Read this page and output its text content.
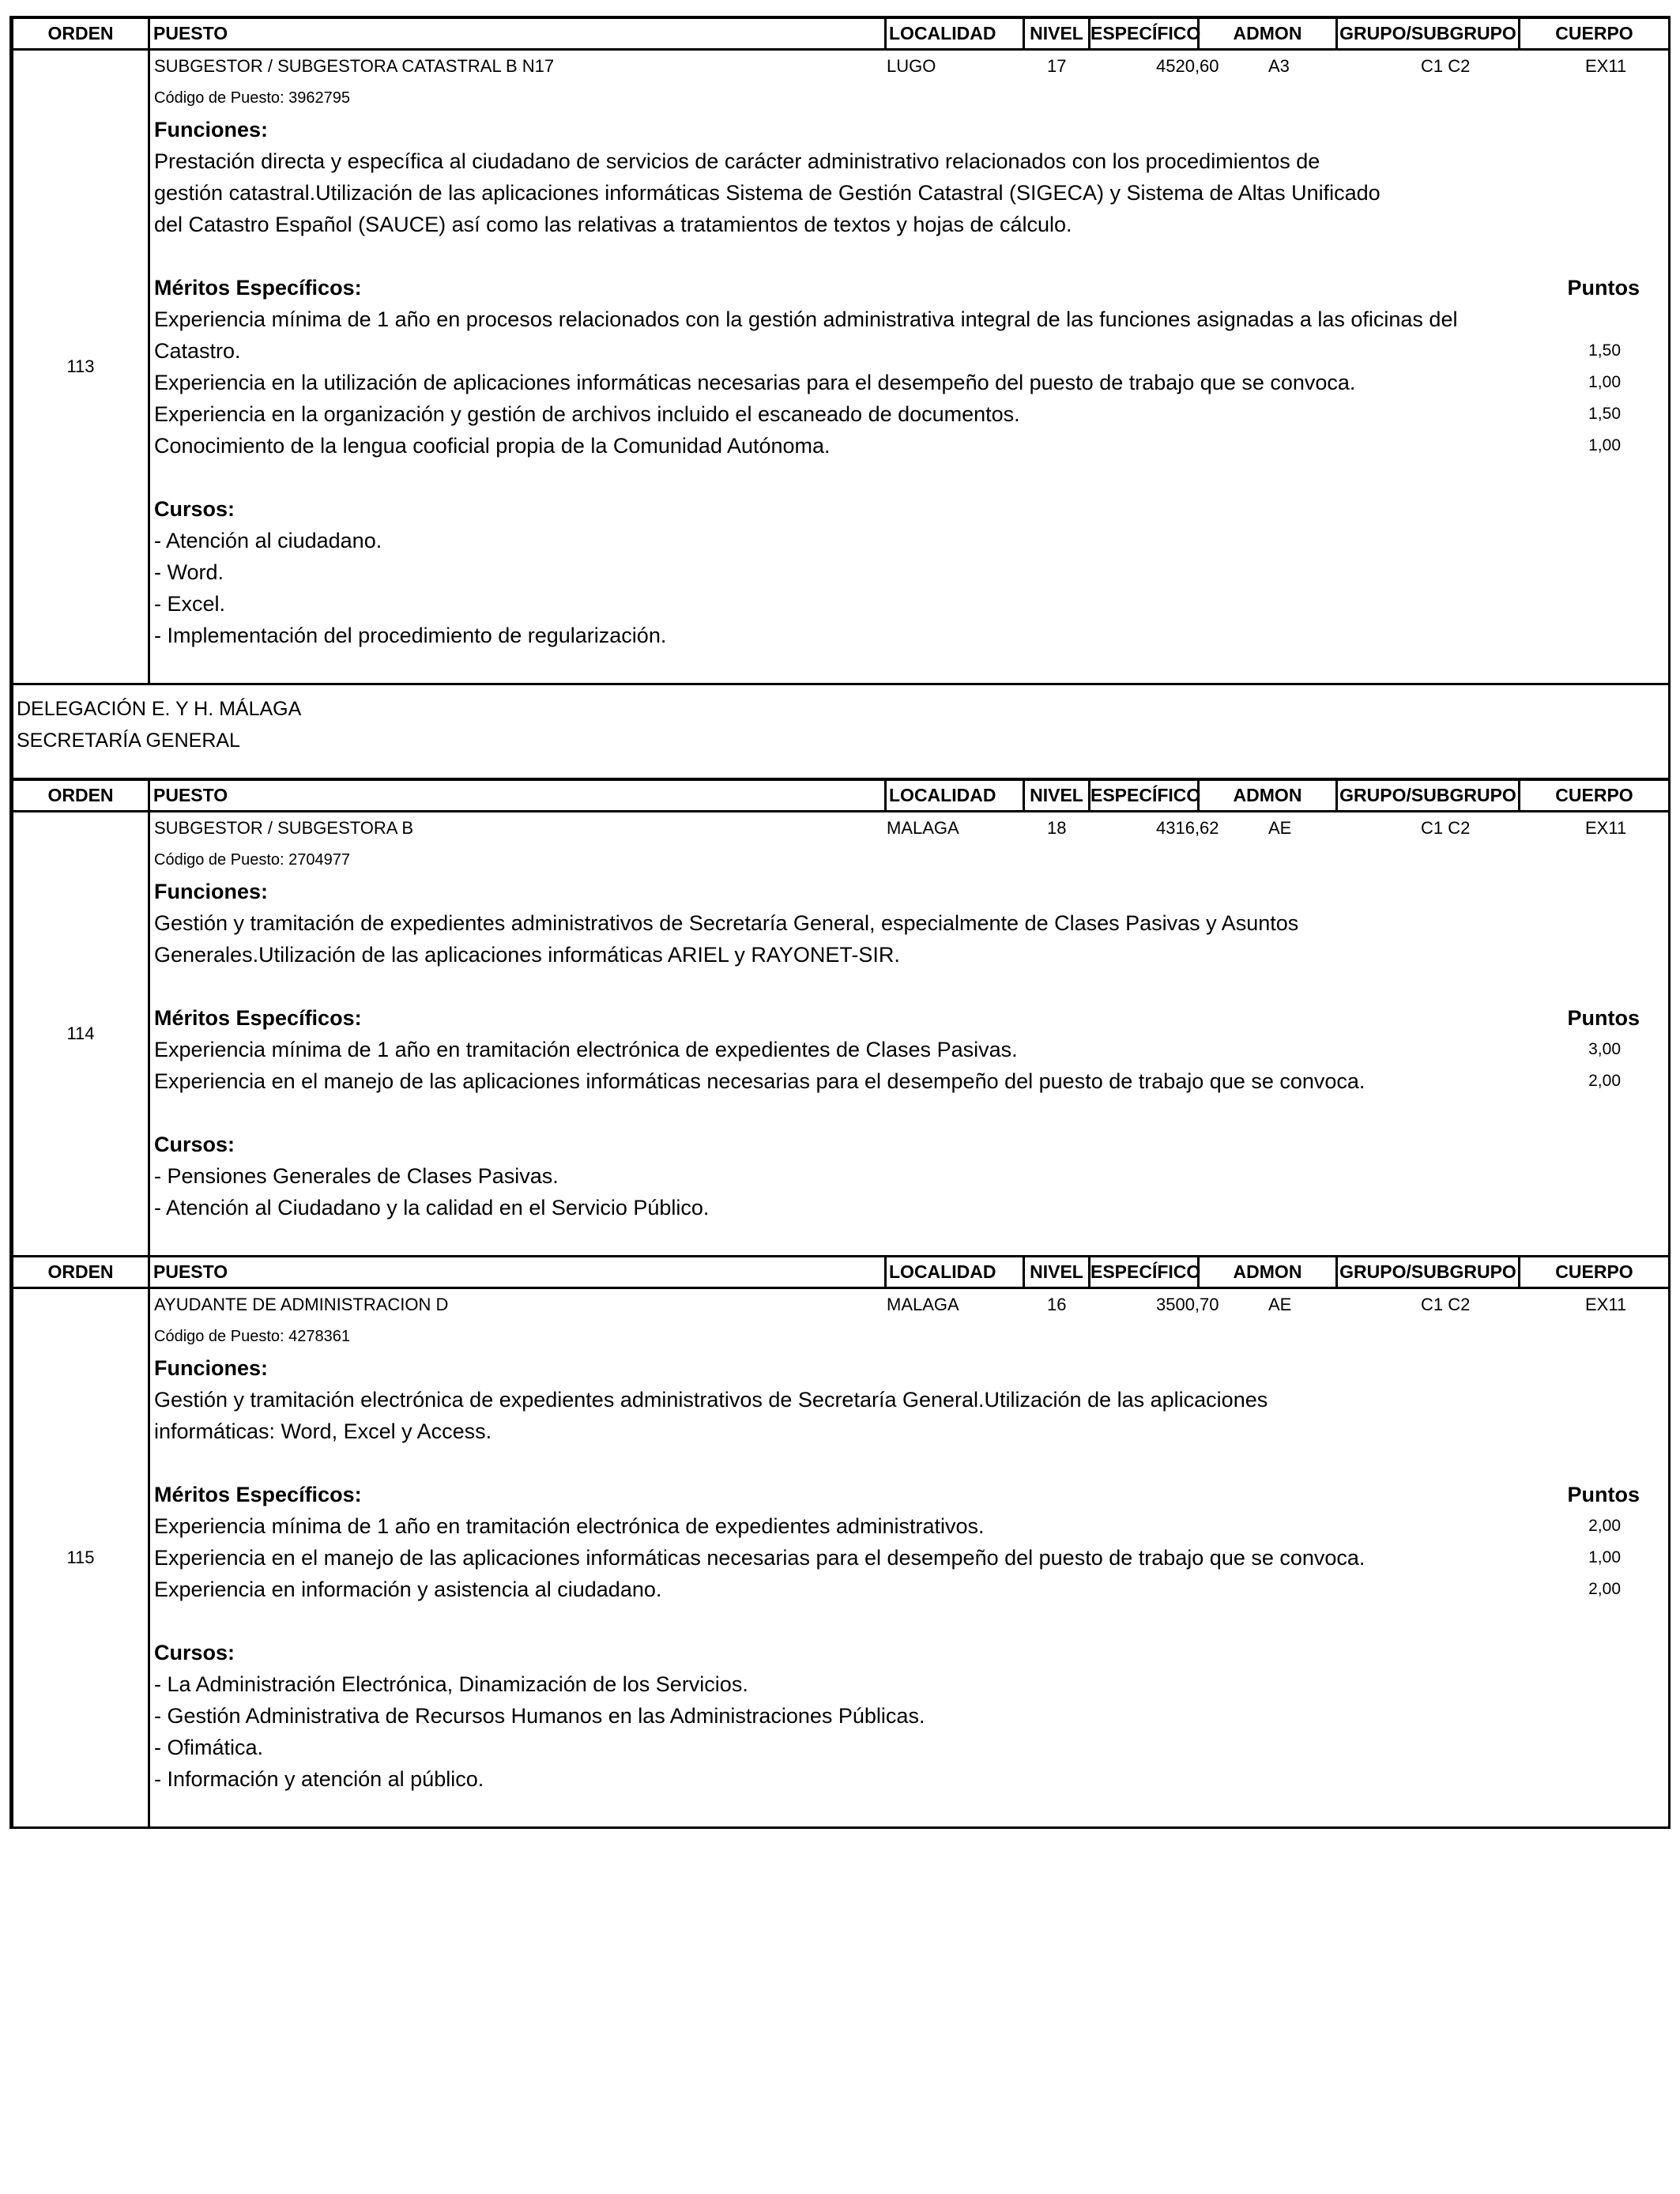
ORDEN	PUESTO	LOCALIDAD	NIVEL ESPECÍFICO	ADMON	GRUPO/SUBGRUPO	CUERPO
113
SUBGESTOR / SUBGESTORA CATASTRAL B N17	LUGO	17	4520,60	A3	C1 C2	EX11
Código de Puesto: 3962795
Funciones:
Prestación directa y específica al ciudadano de servicios de carácter administrativo relacionados con los procedimientos de gestión catastral.Utilización de las aplicaciones informáticas Sistema de Gestión Catastral (SIGECA) y Sistema de Altas Unificado del Catastro Español (SAUCE) así como las relativas a tratamientos de textos y hojas de cálculo.
Méritos Específicos:	Puntos
Experiencia mínima de 1 año en procesos relacionados con la gestión administrativa integral de las funciones asignadas a las oficinas del Catastro.	1,50
Experiencia en la utilización de aplicaciones informáticas necesarias para el desempeño del puesto de trabajo que se convoca.	1,00
Experiencia en la organización y gestión de archivos incluido el escaneado de documentos.	1,50
Conocimiento de la lengua cooficial propia de la Comunidad Autónoma.	1,00
Cursos:
- Atención al ciudadano.
- Word.
- Excel.
- Implementación del procedimiento de regularización.
DELEGACIÓN E. Y H. MÁLAGA
SECRETARÍA GENERAL
ORDEN	PUESTO	LOCALIDAD	NIVEL ESPECÍFICO	ADMON	GRUPO/SUBGRUPO	CUERPO
114
SUBGESTOR / SUBGESTORA B	MALAGA	18	4316,62	AE	C1 C2	EX11
Código de Puesto: 2704977
Funciones:
Gestión y tramitación de expedientes administrativos de Secretaría General, especialmente de Clases Pasivas y Asuntos Generales.Utilización de las aplicaciones informáticas ARIEL y RAYONET-SIR.
Méritos Específicos:	Puntos
Experiencia mínima de 1 año en tramitación electrónica de expedientes de Clases Pasivas.	3,00
Experiencia en el manejo de las aplicaciones informáticas necesarias para el desempeño del puesto de trabajo que se convoca.	2,00
Cursos:
- Pensiones Generales de Clases Pasivas.
- Atención al Ciudadano y la calidad en el Servicio Público.
ORDEN	PUESTO	LOCALIDAD	NIVEL ESPECÍFICO	ADMON	GRUPO/SUBGRUPO	CUERPO
115
AYUDANTE DE ADMINISTRACION D	MALAGA	16	3500,70	AE	C1 C2	EX11
Código de Puesto: 4278361
Funciones:
Gestión y tramitación electrónica de expedientes administrativos de Secretaría General.Utilización de las aplicaciones informáticas: Word, Excel y Access.
Méritos Específicos:	Puntos
Experiencia mínima de 1 año en tramitación electrónica de expedientes administrativos.	2,00
Experiencia en el manejo de las aplicaciones informáticas necesarias para el desempeño del puesto de trabajo que se convoca.	1,00
Experiencia en información y asistencia al ciudadano.	2,00
Cursos:
- La Administración Electrónica, Dinamización de los Servicios.
- Gestión Administrativa de Recursos Humanos en las Administraciones Públicas.
- Ofimática.
- Información y atención al público.
